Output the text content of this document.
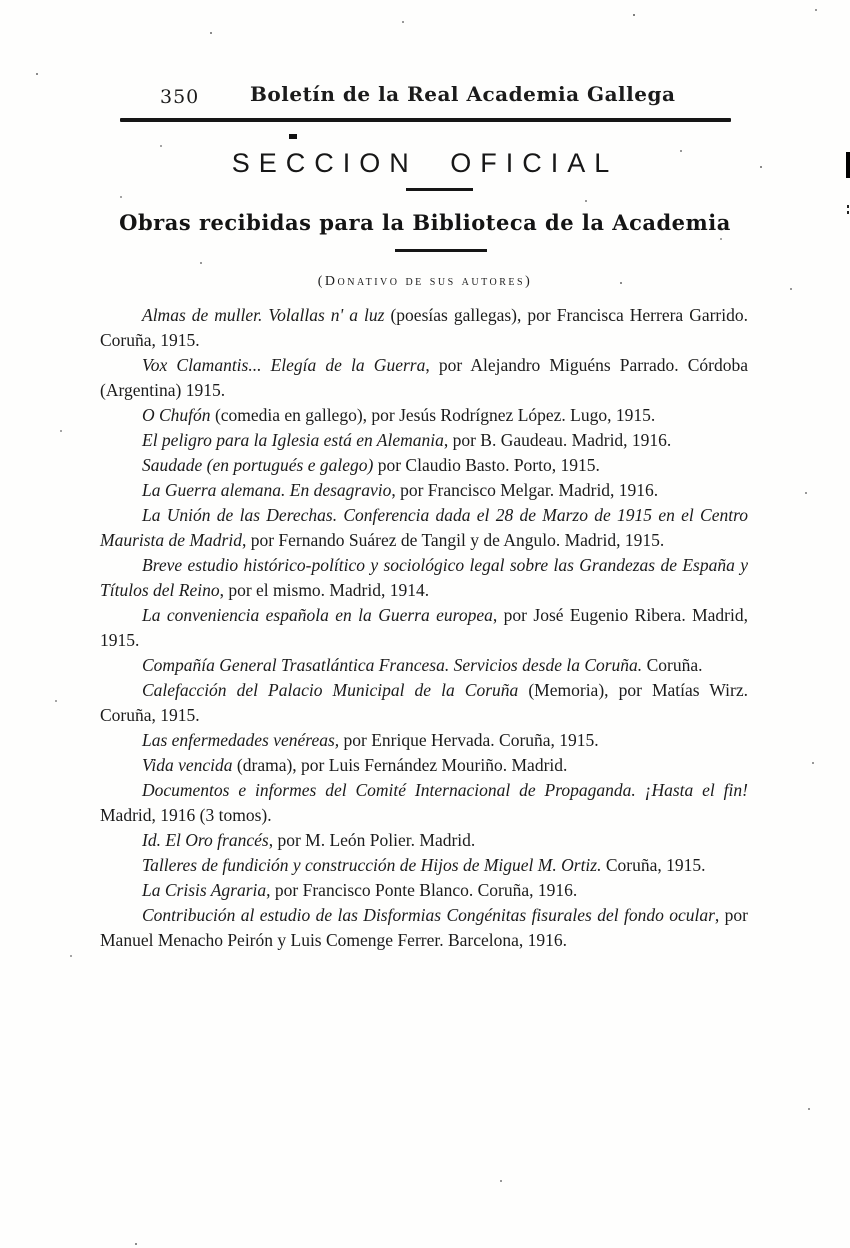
350	Boletín de la Real Academia Gallega
SECCION OFICIAL
Obras recibidas para la Biblioteca de la Academia
(Donativo de sus autores)

Almas de muller. Volallas n' a luz (poesías gallegas), por Francisca Herrera Garrido. Coruña, 1915.

Vox Clamantis... Elegía de la Guerra, por Alejandro Miguéns Parrado. Córdoba (Argentina) 1915.

O Chufón (comedia en gallego), por Jesús Rodrígnez López. Lugo, 1915.

El peligro para la Iglesia está en Alemania, por B. Gaudeau. Madrid, 1916.

Saudade (en portugués e galego) por Claudio Basto. Porto, 1915.

La Guerra alemana. En desagravio, por Francisco Melgar. Madrid, 1916.

La Unión de las Derechas. Conferencia dada el 28 de Marzo de 1915 en el Centro Maurista de Madrid, por Fernando Suárez de Tangil y de Angulo. Madrid, 1915.

Breve estudio histórico-político y sociológico legal sobre las Grandezas de España y Títulos del Reino, por el mismo. Madrid, 1914.

La conveniencia española en la Guerra europea, por José Eugenio Ribera. Madrid, 1915.

Compañía General Trasatlántica Francesa. Servicios desde la Coruña. Coruña.

Calefacción del Palacio Municipal de la Coruña (Memoria), por Matías Wirz. Coruña, 1915.

Las enfermedades venéreas, por Enrique Hervada. Coruña, 1915.

Vida vencida (drama), por Luis Fernández Mouriño. Madrid.

Documentos e informes del Comité Internacional de Propaganda. ¡Hasta el fin! Madrid, 1916 (3 tomos).

Id. El Oro francés, por M. León Polier. Madrid.

Talleres de fundición y construcción de Hijos de Miguel M. Ortiz. Coruña, 1915.

La Crisis Agraria, por Francisco Ponte Blanco. Coruña, 1916.

Contribución al estudio de las Disformias Congénitas fisurales del fondo ocular, por Manuel Menacho Peirón y Luis Comenge Ferrer. Barcelona, 1916.
